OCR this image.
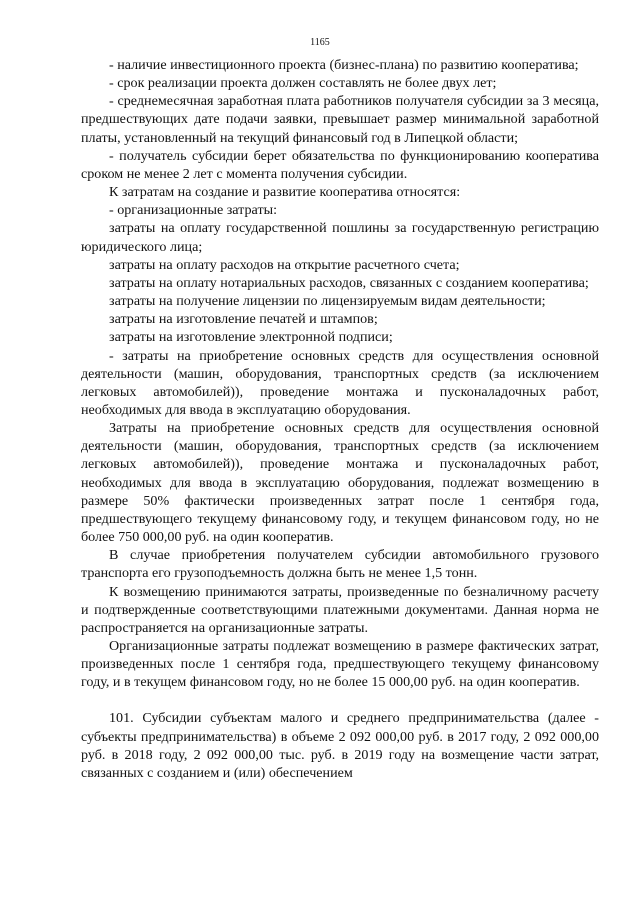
1165

- наличие инвестиционного проекта (бизнес-плана) по развитию кооператива;

- срок реализации проекта должен составлять не более двух лет;

- среднемесячная заработная плата работников получателя субсидии за 3 месяца, предшествующих дате подачи заявки, превышает размер минимальной заработной платы, установленный на текущий финансовый год в Липецкой области;

- получатель субсидии берет обязательства по функционированию кооператива сроком не менее 2 лет с момента получения субсидии.

К затратам на создание и развитие кооператива относятся:

- организационные затраты:

затраты на оплату государственной пошлины за государственную регистрацию юридического лица;

затраты на оплату расходов на открытие расчетного счета;

затраты на оплату нотариальных расходов, связанных с созданием кооператива;

затраты на получение лицензии по лицензируемым видам деятельности;

затраты на изготовление печатей и штампов;

затраты на изготовление электронной подписи;

- затраты на приобретение основных средств для осуществления основной деятельности (машин, оборудования, транспортных средств (за исключением легковых автомобилей)), проведение монтажа и пусконаладочных работ, необходимых для ввода в эксплуатацию оборудования.

Затраты на приобретение основных средств для осуществления основной деятельности (машин, оборудования, транспортных средств (за исключением легковых автомобилей)), проведение монтажа и пусконаладочных работ, необходимых для ввода в эксплуатацию оборудования, подлежат возмещению в размере 50% фактически произведенных затрат после 1 сентября года, предшествующего текущему финансовому году, и текущем финансовом году, но не более 750 000,00 руб. на один кооператив.

В случае приобретения получателем субсидии автомобильного грузового транспорта его грузоподъемность должна быть не менее 1,5 тонн.

К возмещению принимаются затраты, произведенные по безналичному расчету и подтвержденные соответствующими платежными документами. Данная норма не распространяется на организационные затраты.

Организационные затраты подлежат возмещению в размере фактических затрат, произведенных после 1 сентября года, предшествующего текущему финансовому году, и в текущем финансовом году, но не более 15 000,00 руб. на один кооператив.

101. Субсидии субъектам малого и среднего предпринимательства (далее - субъекты предпринимательства) в объеме 2 092 000,00 руб. в 2017 году, 2 092 000,00 руб. в 2018 году, 2 092 000,00 тыс. руб. в 2019 году на возмещение части затрат, связанных с созданием и (или) обеспечением
